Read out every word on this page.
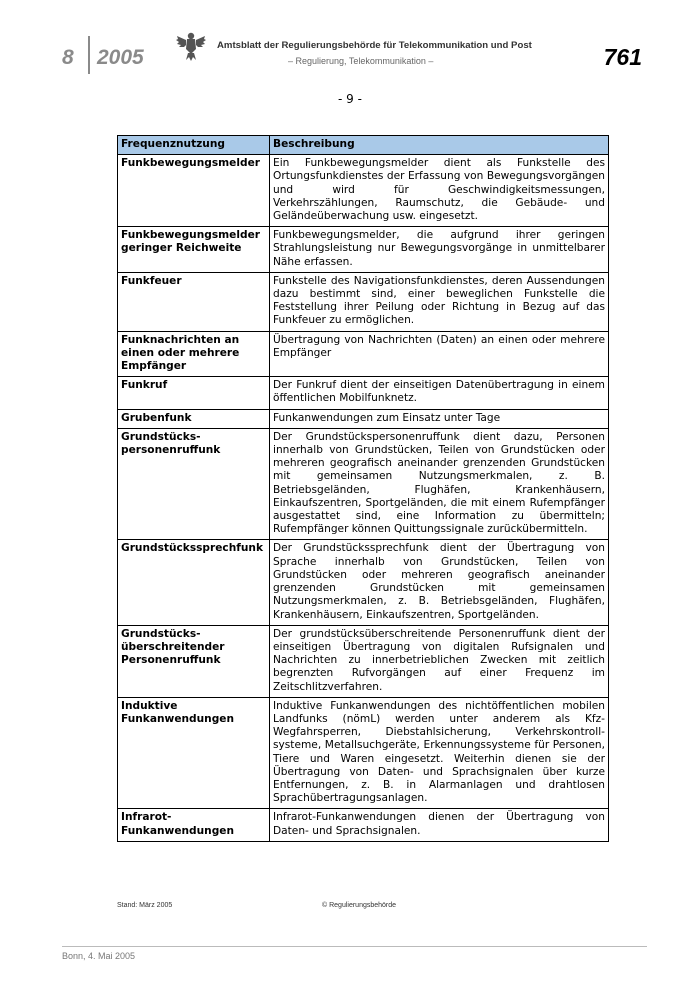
8 2005
Amtsblatt der Regulierungsbehörde für Telekommunikation und Post
– Regulierung, Telekommunikation –	761
- 9 -
Frequenznutzung	Beschreibung
Funkbewegungsmelder	Ein Funkbewegungsmelder dient als Funkstelle des Ortungsfunkdienstes der Erfassung von Bewegungsvorgängen und wird für Geschwindigkeitsmessungen, Verkehrszählungen, Raumschutz, die Gebäude- und Geländeüberwachung usw. eingesetzt.
Funkbewegungsmelder geringer Reichweite	Funkbewegungsmelder, die aufgrund ihrer geringen Strahlungsleistung nur Bewegungsvorgänge in unmittelbarer Nähe erfassen.
Funkfeuer	Funkstelle des Navigationsfunkdienstes, deren Aussendungen dazu bestimmt sind, einer beweglichen Funkstelle die Feststellung ihrer Peilung oder Richtung in Bezug auf das Funkfeuer zu ermöglichen.
Funknachrichten an einen oder mehrere Empfänger	Übertragung von Nachrichten (Daten) an einen oder mehrere Empfänger
Funkruf	Der Funkruf dient der einseitigen Datenübertragung in einem öffentlichen Mobilfunknetz.
Grubenfunk	Funkanwendungen zum Einsatz unter Tage
Grundstücks-personenruffunk	Der Grundstückspersonenruffunk dient dazu, Personen innerhalb von Grundstücken, Teilen von Grundstücken oder mehreren geografisch aneinander grenzenden Grundstücken mit gemeinsamen Nutzungsmerkmalen, z. B. Betriebsgeländen, Flughäfen, Krankenhäusern, Einkaufszentren, Sportgeländen, die mit einem Rufempfänger ausgestattet sind, eine Information zu übermitteln; Rufempfänger können Quittungssignale zurückübermitteln.
Grundstückssprechfunk	Der Grundstückssprechfunk dient der Übertragung von Sprache innerhalb von Grundstücken, Teilen von Grundstücken oder mehreren geografisch aneinander grenzenden Grundstücken mit gemeinsamen Nutzungsmerkmalen, z. B. Betriebsgeländen, Flughäfen, Krankenhäusern, Einkaufszentren, Sportgeländen.
Grundstücks-überschreitender Personenruffunk	Der grundstücksüberschreitende Personenruffunk dient der einseitigen Übertragung von digitalen Rufsignalen und Nachrichten zu innerbetrieblichen Zwecken mit zeitlich begrenzten Rufvorgängen auf einer Frequenz im Zeitschlitzverfahren.
Induktive Funkanwendungen	Induktive Funkanwendungen des nichtöffentlichen mobilen Landfunks (nömL) werden unter anderem als Kfz-Wegfahrsperren, Diebstahlsicherung, Verkehrskontroll-systeme, Metallsuchgeräte, Erkennungssysteme für Personen, Tiere und Waren eingesetzt. Weiterhin dienen sie der Übertragung von Daten- und Sprachsignalen über kurze Entfernungen, z. B. in Alarmanlagen und drahtlosen Sprachübertragungsanlagen.
Infrarot-Funkanwendungen	Infrarot-Funkanwendungen dienen der Übertragung von Daten- und Sprachsignalen.
Stand: März 2005	© Regulierungsbehörde
Bonn, 4. Mai 2005
